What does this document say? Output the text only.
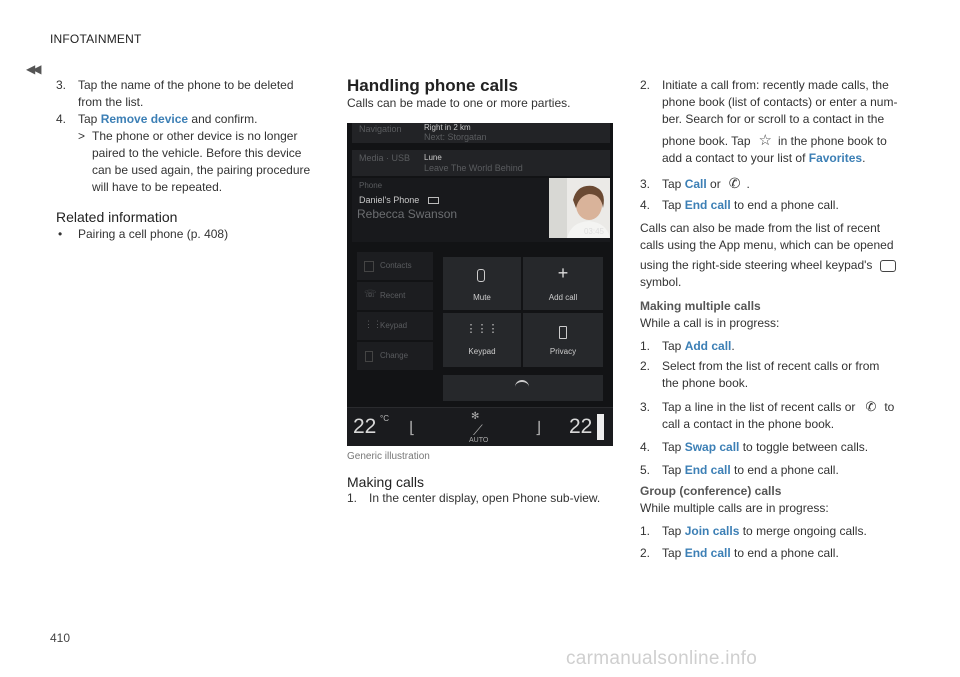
INFOTAINMENT
◀◀
410
carmanualsonline.info
3. Tap the name of the phone to be deleted
from the list.
4. Tap Remove device and confirm.
> The phone or other device is no longer
paired to the vehicle. Before this device
can be used again, the pairing procedure
will have to be repeated.
Related information
• Pairing a cell phone (p. 408)
Handling phone calls
Calls can be made to one or more parties.
Navigation	Right in 2 km
Next: Storgatan
Media · USB Lune
Leave The World Behind
Phone
Daniel's Phone
Rebecca Swanson
03:45
Contacts
☏ Recent
⋮⋮
Keypad
Change
Mute
+
Add call
⋮⋮⋮
Keypad	Privacy
22 °C
⌊
✻
⟋
AUTO
⌋ 22
Generic illustration
Making calls
1. In the center display, open Phone sub-view.
2. Initiate a call from: recently made calls, the
phone book (list of contacts) or enter a num-
ber. Search for or scroll to a contact in the
phone book. Tap ☆ in the phone book to
add a contact to your list of Favorites.
3. Tap Call or ✆ .
4. Tap End call to end a phone call.
Calls can also be made from the list of recent
calls using the App menu, which can be opened
using the right-side steering wheel keypad's
symbol.
Making multiple calls
While a call is in progress:
1. Tap Add call.
2. Select from the list of recent calls or from
the phone book.
3. Tap a line in the list of recent calls or ✆ to
call a contact in the phone book.
4. Tap Swap call to toggle between calls.
5. Tap End call to end a phone call.
Group (conference) calls
While multiple calls are in progress:
1. Tap Join calls to merge ongoing calls.
2. Tap End call to end a phone call.
